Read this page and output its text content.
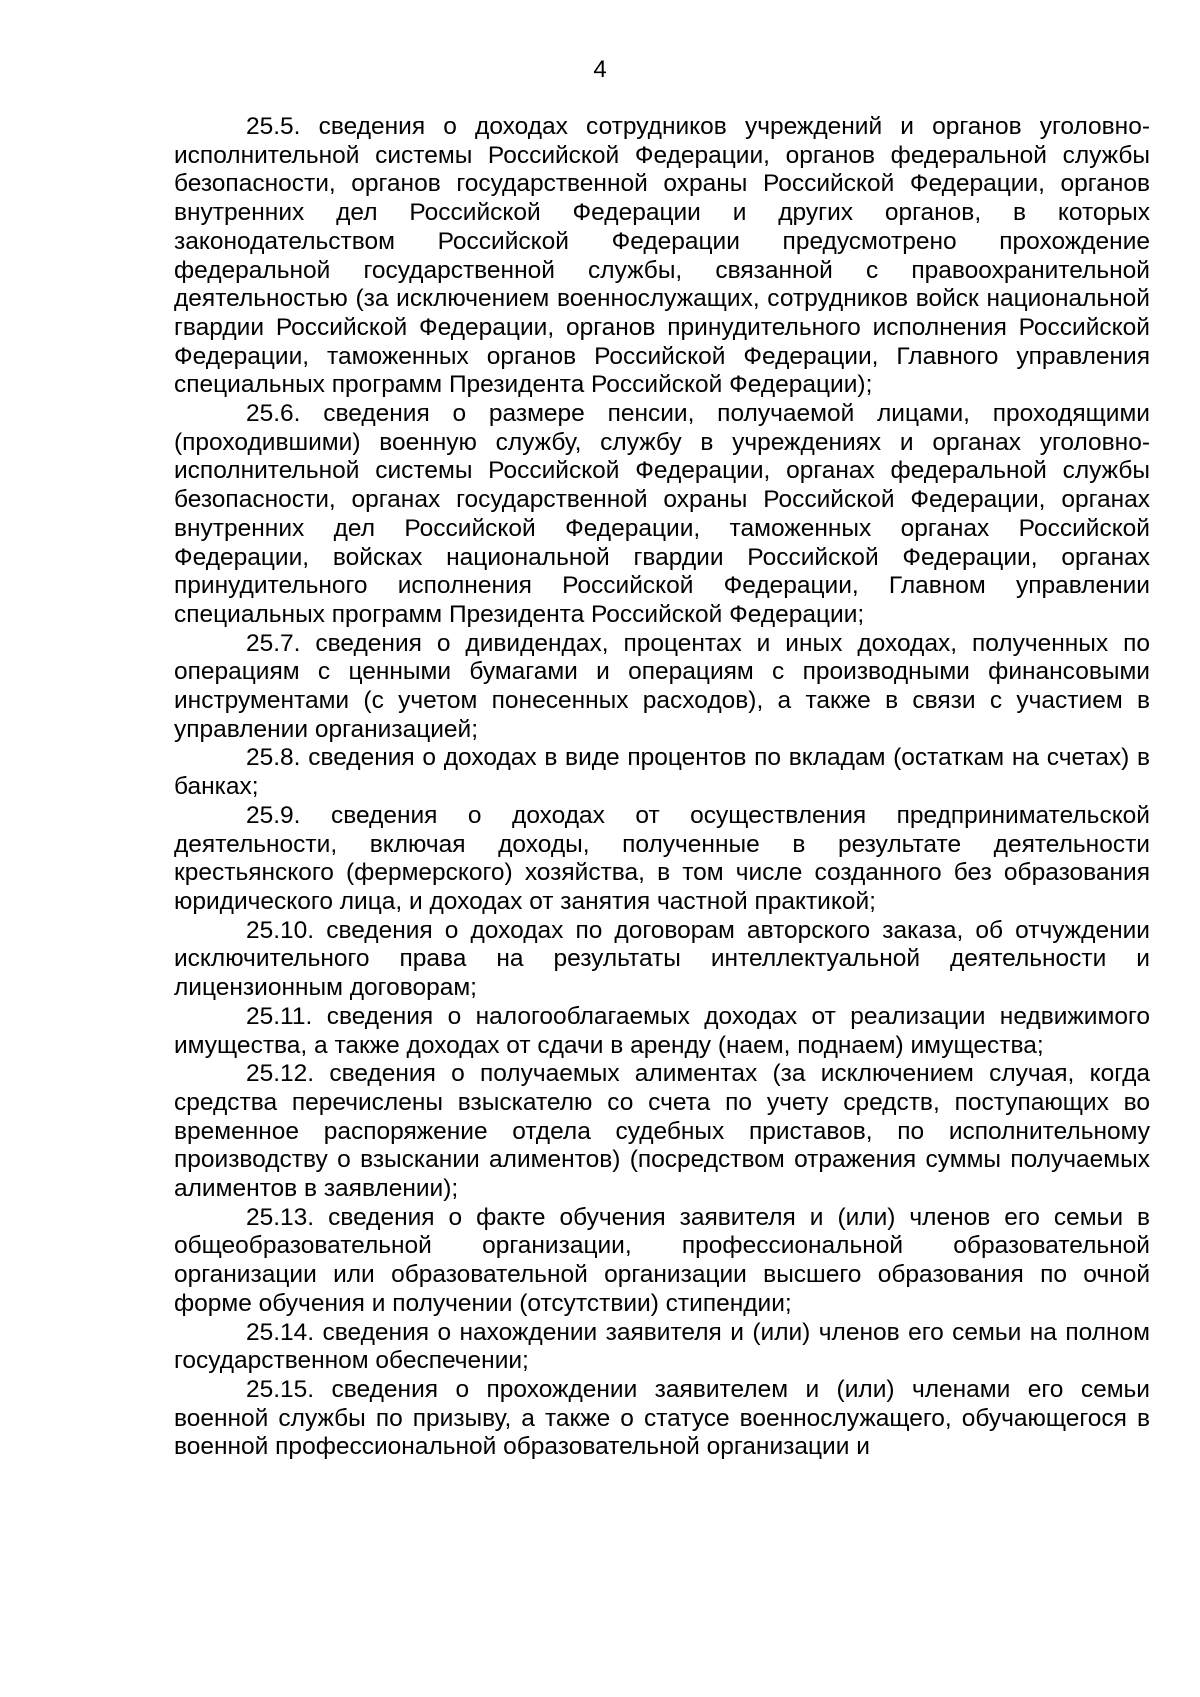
4

25.5. сведения о доходах сотрудников учреждений и органов уголовно-исполнительной системы Российской Федерации, органов федеральной службы безопасности, органов государственной охраны Российской Федерации, органов внутренних дел Российской Федерации и других органов, в которых законодательством Российской Федерации предусмотрено прохождение федеральной государственной службы, связанной с правоохранительной деятельностью (за исключением военнослужащих, сотрудников войск национальной гвардии Российской Федерации, органов принудительного исполнения Российской Федерации, таможенных органов Российской Федерации, Главного управления специальных программ Президента Российской Федерации);

25.6. сведения о размере пенсии, получаемой лицами, проходящими (проходившими) военную службу, службу в учреждениях и органах уголовно-исполнительной системы Российской Федерации, органах федеральной службы безопасности, органах государственной охраны Российской Федерации, органах внутренних дел Российской Федерации, таможенных органах Российской Федерации, войсках национальной гвардии Российской Федерации, органах принудительного исполнения Российской Федерации, Главном управлении специальных программ Президента Российской Федерации;

25.7. сведения о дивидендах, процентах и иных доходах, полученных по операциям с ценными бумагами и операциям с производными финансовыми инструментами (с учетом понесенных расходов), а также в связи с участием в управлении организацией;

25.8. сведения о доходах в виде процентов по вкладам (остаткам на счетах) в банках;

25.9. сведения о доходах от осуществления предпринимательской деятельности, включая доходы, полученные в результате деятельности крестьянского (фермерского) хозяйства, в том числе созданного без образования юридического лица, и доходах от занятия частной практикой;

25.10. сведения о доходах по договорам авторского заказа, об отчуждении исключительного права на результаты интеллектуальной деятельности и лицензионным договорам;

25.11. сведения о налогооблагаемых доходах от реализации недвижимого имущества, а также доходах от сдачи в аренду (наем, поднаем) имущества;

25.12. сведения о получаемых алиментах (за исключением случая, когда средства перечислены взыскателю со счета по учету средств, поступающих во временное распоряжение отдела судебных приставов, по исполнительному производству о взыскании алиментов) (посредством отражения суммы получаемых алиментов в заявлении);

25.13. сведения о факте обучения заявителя и (или) членов его семьи в общеобразовательной организации, профессиональной образовательной организации или образовательной организации высшего образования по очной форме обучения и получении (отсутствии) стипендии;

25.14. сведения о нахождении заявителя и (или) членов его семьи на полном государственном обеспечении;

25.15. сведения о прохождении заявителем и (или) членами его семьи военной службы по призыву, а также о статусе военнослужащего, обучающегося в военной профессиональной образовательной организации и
